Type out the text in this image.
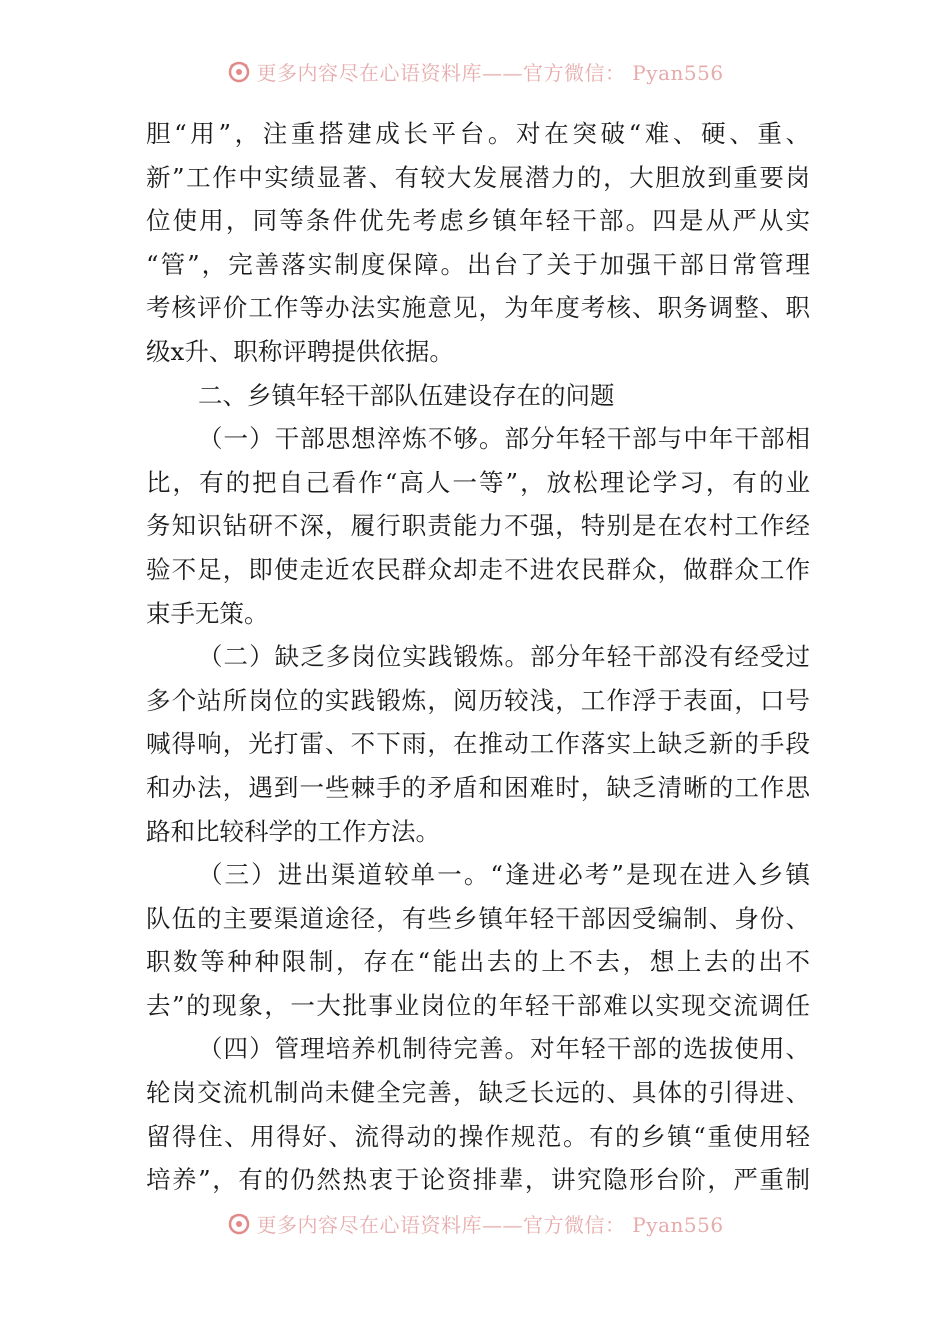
更多内容尽在心语资料库——官方微信： Pyan556
胆“用”，注重搭建成长平台。对在突破“难、硬、重、
新”工作中实绩显著、有较大发展潜力的，大胆放到重要岗
位使用，同等条件优先考虑乡镇年轻干部。四是从严从实
“管”，完善落实制度保障。出台了关于加强干部日常管理
考核评价工作等办法实施意见，为年度考核、职务调整、职
级x升、职称评聘提供依据。
二、乡镇年轻干部队伍建设存在的问题
（一）干部思想淬炼不够。部分年轻干部与中年干部相
比，有的把自己看作“高人一等”，放松理论学习，有的业
务知识钻研不深，履行职责能力不强，特别是在农村工作经
验不足，即使走近农民群众却走不进农民群众，做群众工作
束手无策。
（二）缺乏多岗位实践锻炼。部分年轻干部没有经受过
多个站所岗位的实践锻炼，阅历较浅，工作浮于表面，口号
喊得响，光打雷、不下雨，在推动工作落实上缺乏新的手段
和办法，遇到一些棘手的矛盾和困难时，缺乏清晰的工作思
路和比较科学的工作方法。
（三）进出渠道较单一。“逢进必考”是现在进入乡镇
队伍的主要渠道途径，有些乡镇年轻干部因受编制、身份、
职数等种种限制，存在“能出去的上不去，想上去的出不
去”的现象，一大批事业岗位的年轻干部难以实现交流调任
（四）管理培养机制待完善。对年轻干部的选拔使用、
轮岗交流机制尚未健全完善，缺乏长远的、具体的引得进、
留得住、用得好、流得动的操作规范。有的乡镇“重使用轻
培养”，有的仍然热衷于论资排辈，讲究隐形台阶，严重制
更多内容尽在心语资料库——官方微信： Pyan556
